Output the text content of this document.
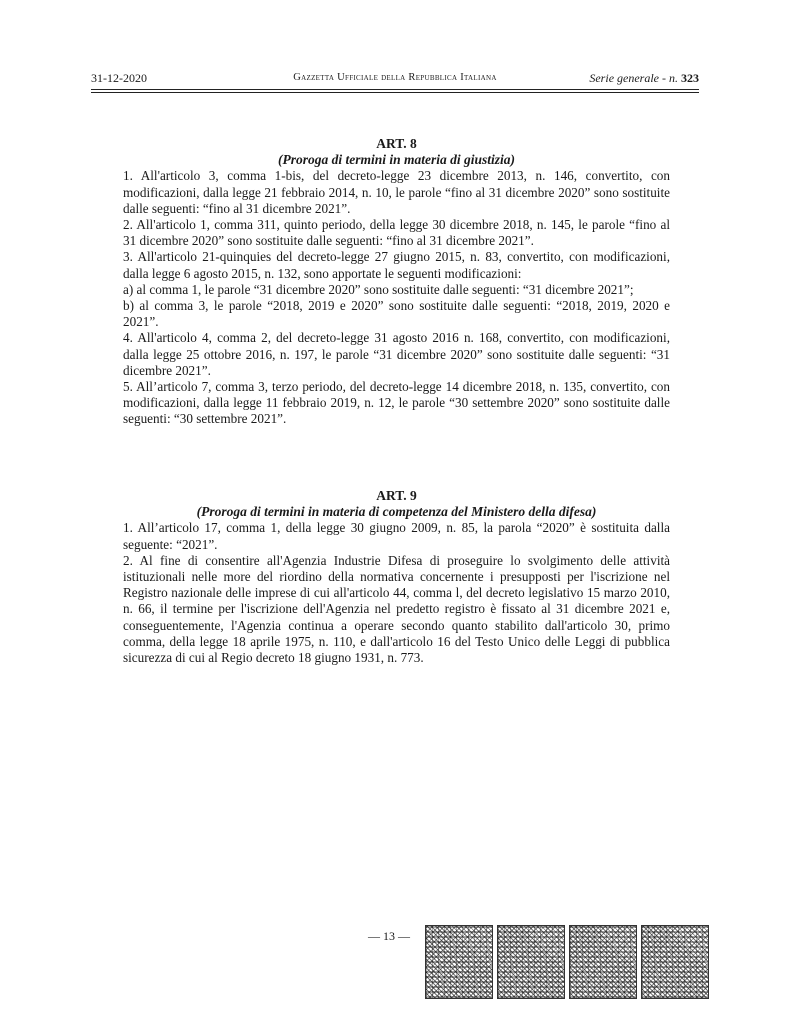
31-12-2020	Gazzetta Ufficiale della Repubblica Italiana	Serie generale - n. 323
ART. 8
(Proroga di termini in materia di giustizia)

1. All'articolo 3, comma 1-bis, del decreto-legge 23 dicembre 2013, n. 146, convertito, con modificazioni, dalla legge 21 febbraio 2014, n. 10, le parole “fino al 31 dicembre 2020” sono sostituite dalle seguenti: “fino al 31 dicembre 2021”.

2. All'articolo 1, comma 311, quinto periodo, della legge 30 dicembre 2018, n. 145, le parole “fino al 31 dicembre 2020” sono sostituite dalle seguenti: “fino al 31 dicembre 2021”.

3. All'articolo 21-quinquies del decreto-legge 27 giugno 2015, n. 83, convertito, con modificazioni, dalla legge 6 agosto 2015, n. 132, sono apportate le seguenti modificazioni:

a) al comma 1, le parole “31 dicembre 2020” sono sostituite dalle seguenti: “31 dicembre 2021”;

b) al comma 3, le parole “2018, 2019 e 2020” sono sostituite dalle seguenti: “2018, 2019, 2020 e 2021”.

4. All'articolo 4, comma 2, del decreto-legge 31 agosto 2016 n. 168, convertito, con modificazioni, dalla legge 25 ottobre 2016, n. 197, le parole “31 dicembre 2020” sono sostituite dalle seguenti: “31 dicembre 2021”.

5. All’articolo 7, comma 3, terzo periodo, del decreto-legge 14 dicembre 2018, n. 135, convertito, con modificazioni, dalla legge 11 febbraio 2019, n. 12, le parole “30 settembre 2020” sono sostituite dalle seguenti: “30 settembre 2021”.

ART. 9
(Proroga di termini in materia di competenza del Ministero della difesa)

1. All’articolo 17, comma 1, della legge 30 giugno 2009, n. 85, la parola “2020” è sostituita dalla seguente: “2021”.

2. Al fine di consentire all'Agenzia Industrie Difesa di proseguire lo svolgimento delle attività istituzionali nelle more del riordino della normativa concernente i presupposti per l'iscrizione nel Registro nazionale delle imprese di cui all'articolo 44, comma l, del decreto legislativo 15 marzo 2010, n. 66, il termine per l'iscrizione dell'Agenzia nel predetto registro è fissato al 31 dicembre 2021 e, conseguentemente, l'Agenzia continua a operare secondo quanto stabilito dall'articolo 30, primo comma, della legge 18 aprile 1975, n. 110, e dall'articolo 16 del Testo Unico delle Leggi di pubblica sicurezza di cui al Regio decreto 18 giugno 1931, n. 773.

— 13 —
